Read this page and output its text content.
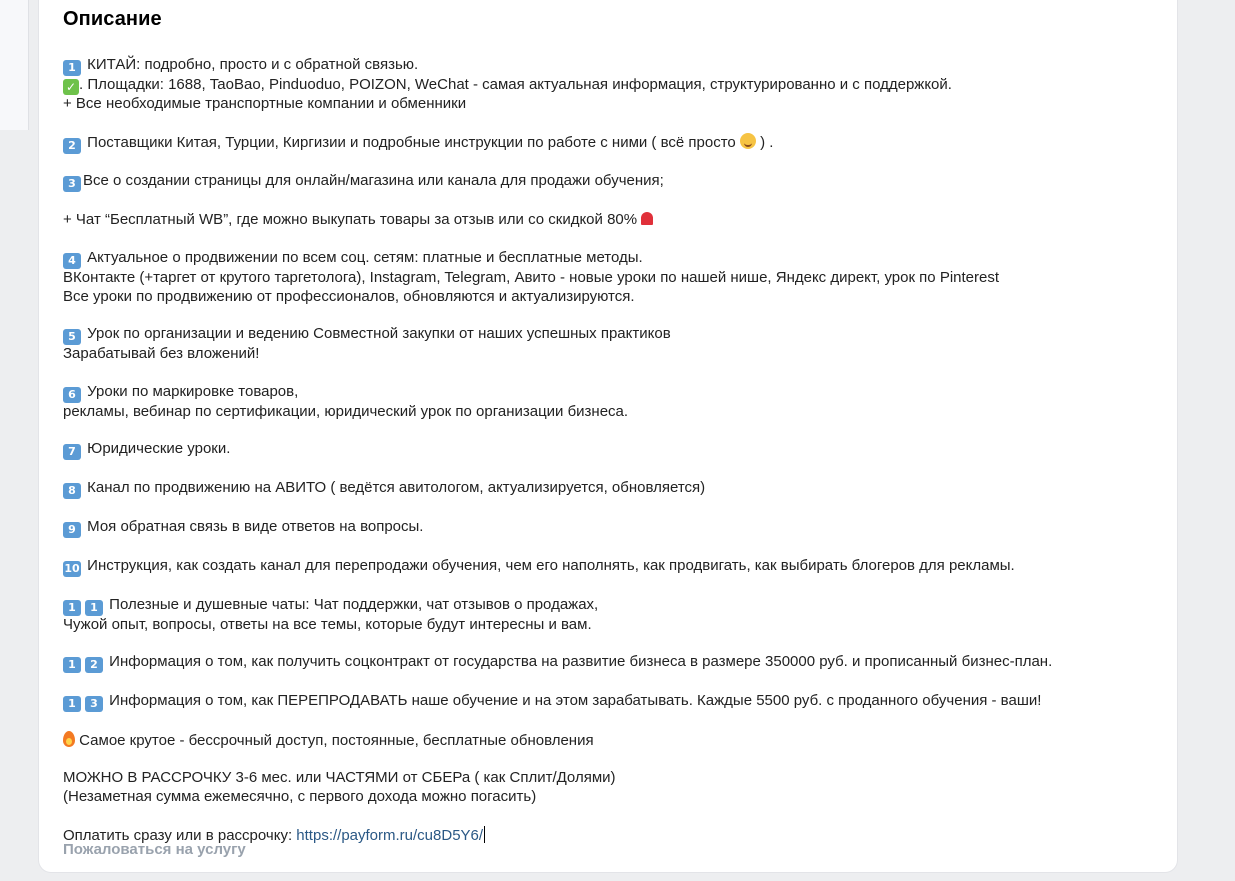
Описание
1 КИТАЙ: подробно, просто и с обратной связью.
✓ . Площадки: 1688, TaoBao, Pinduoduo, POIZON, WeChat - самая актуальная информация, структурированно и с поддержкой.
+ Все необходимые транспортные компании и обменники
2 Поставщики Китая, Турции, Киргизии и подробные инструкции по работе с ними ( всё просто  ) .
3 Все о создании страницы для онлайн/магазина или канала для продажи обучения;
+ Чат “Бесплатный WB”, где можно выкупать товары за отзыв или со скидкой 80%
4 Актуальное о продвижении по всем соц. сетям: платные и бесплатные методы.
ВКонтакте (+таргет от крутого таргетолога), Instagram, Telegram, Авито - новые уроки по нашей нише, Яндекс директ, урок по Pinterest
Все уроки по продвижению от профессионалов, обновляются и актуализируются.
5 Урок по организации и ведению Совместной закупки от наших успешных практиков
Зарабатывай без вложений!
6 Уроки по маркировке товаров,
рекламы, вебинар по сертификации, юридический урок по организации бизнеса.
7 Юридические уроки.
8 Канал по продвижению на АВИТО ( ведётся авитологом, актуализируется, обновляется)
9 Моя обратная связь в виде ответов на вопросы.
10 Инструкция, как создать канал для перепродажи обучения, чем его наполнять, как продвигать, как выбирать блогеров для рекламы.
1 1 Полезные и душевные чаты: Чат поддержки, чат отзывов о продажах,
Чужой опыт, вопросы, ответы на все темы, которые будут интересны и вам.
1 2 Информация о том, как получить соцконтракт от государства на развитие бизнеса в размере 350000 руб. и прописанный бизнес-план.
1 3 Информация о том, как ПЕРЕПРОДАВАТЬ наше обучение и на этом зарабатывать. Каждые 5500 руб. с проданного обучения - ваши!
Самое крутое - бессрочный доступ, постоянные, бесплатные обновления
МОЖНО В РАССРОЧКУ 3-6 мес. или ЧАСТЯМИ от СБЕРа ( как Сплит/Долями)
(Незаметная сумма ежемесячно, с первого дохода можно погасить)
Оплатить сразу или в рассрочку: https://payform.ru/cu8D5Y6/
Пожаловаться на услугу
